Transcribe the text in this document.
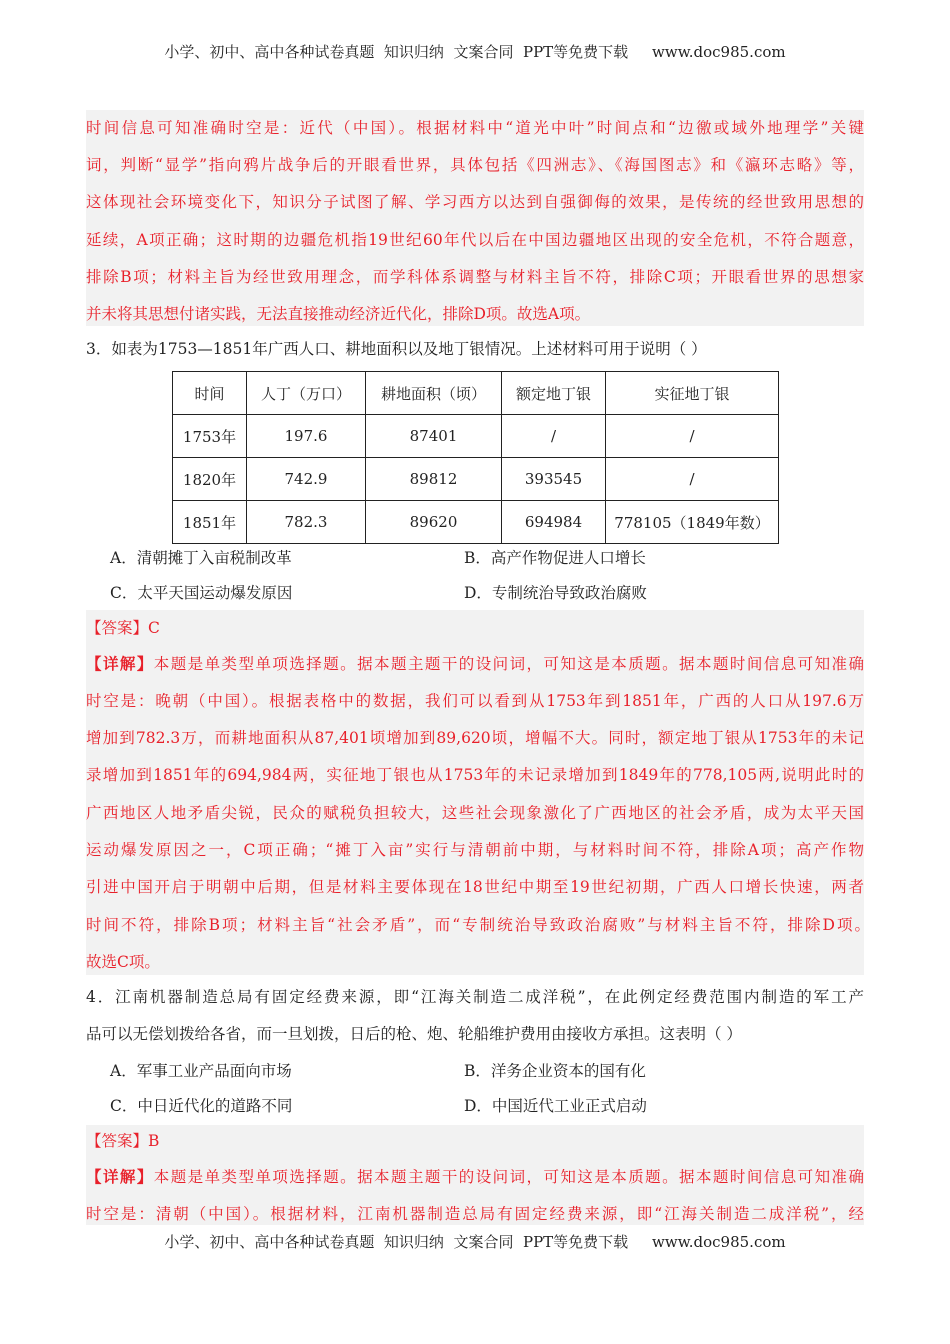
小学、初中、高中各种试卷真题  知识归纳  文案合同  PPT等免费下载     www.doc985.com
时间信息可知准确时空是：近代（中国）。根据材料中“道光中叶”时间点和“边徼或域外地理学”关键
词，判断“显学”指向鸦片战争后的开眼看世界，具体包括《四洲志》、《海国图志》和《瀛环志略》等，
这体现社会环境变化下，知识分子试图了解、学习西方以达到自强御侮的效果，是传统的经世致用思想的
延续，A项正确；这时期的边疆危机指19世纪60年代以后在中国边疆地区出现的安全危机，不符合题意，
排除B项；材料主旨为经世致用理念，而学科体系调整与材料主旨不符，排除C项；开眼看世界的思想家
并未将其思想付诸实践，无法直接推动经济近代化，排除D项。故选A项。
3．如表为1753—1851年广西人口、耕地面积以及地丁银情况。上述材料可用于说明（ ）
时间	人丁（万口）	耕地面积（顷）	额定地丁银	实征地丁银
1753年	197.6	87401	/	/
1820年	742.9	89812	393545	/
1851年	782.3	89620	694984	778105（1849年数）
A．清朝摊丁入亩税制改革	B．高产作物促进人口增长
C．太平天国运动爆发原因	D．专制统治导致政治腐败
【答案】C
【详解】本题是单类型单项选择题。据本题主题干的设问词，可知这是本质题。据本题时间信息可知准确
时空是：晚朝（中国）。根据表格中的数据，我们可以看到从1753年到1851年，广西的人口从197.6万
增加到782.3万，而耕地面积从87,401顷增加到89,620顷，增幅不大。同时，额定地丁银从1753年的未记
录增加到1851年的694,984两，实征地丁银也从1753年的未记录增加到1849年的778,105两,说明此时的
广西地区人地矛盾尖锐，民众的赋税负担较大，这些社会现象激化了广西地区的社会矛盾，成为太平天国
运动爆发原因之一，C项正确；“摊丁入亩”实行与清朝前中期，与材料时间不符，排除A项；高产作物
引进中国开启于明朝中后期，但是材料主要体现在18世纪中期至19世纪初期，广西人口增长快速，两者
时间不符，排除B项；材料主旨“社会矛盾”，而“专制统治导致政治腐败”与材料主旨不符，排除D项。
故选C项。
4．江南机器制造总局有固定经费来源，即“江海关制造二成洋税”，在此例定经费范围内制造的军工产
品可以无偿划拨给各省，而一旦划拨，日后的枪、炮、轮船维护费用由接收方承担。这表明（ ）
A．军事工业产品面向市场	B．洋务企业资本的国有化
C．中日近代化的道路不同	D．中国近代工业正式启动
【答案】B
【详解】本题是单类型单项选择题。据本题主题干的设问词，可知这是本质题。据本题时间信息可知准确
时空是：清朝（中国）。根据材料，江南机器制造总局有固定经费来源，即“江海关制造二成洋税”，经
小学、初中、高中各种试卷真题  知识归纳  文案合同  PPT等免费下载     www.doc985.com
